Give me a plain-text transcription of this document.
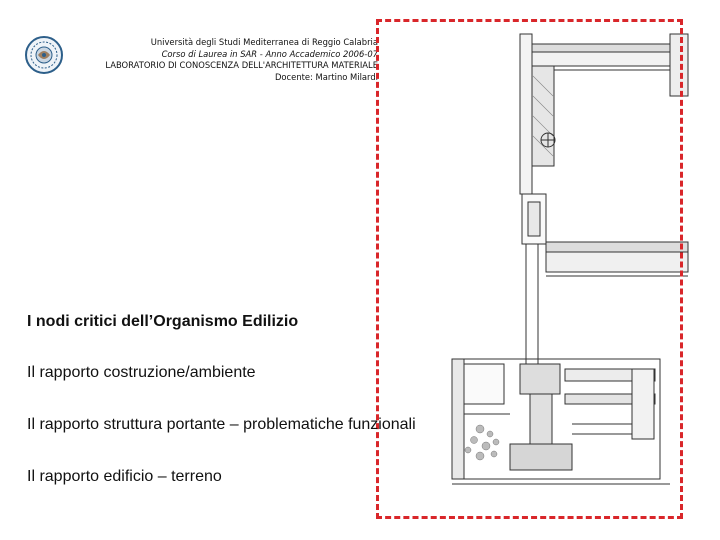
Università degli Studi Mediterranea di Reggio Calabria
Corso di Laurea in SAR - Anno Accademico 2006-07
LABORATORIO DI CONOSCENZA DELL'ARCHITETTURA MATERIALE
Docente: Martino Milardi
I nodi critici dell’Organismo Edilizio
Il rapporto costruzione/ambiente
Il rapporto struttura portante – problematiche funzionali
Il rapporto edificio – terreno
